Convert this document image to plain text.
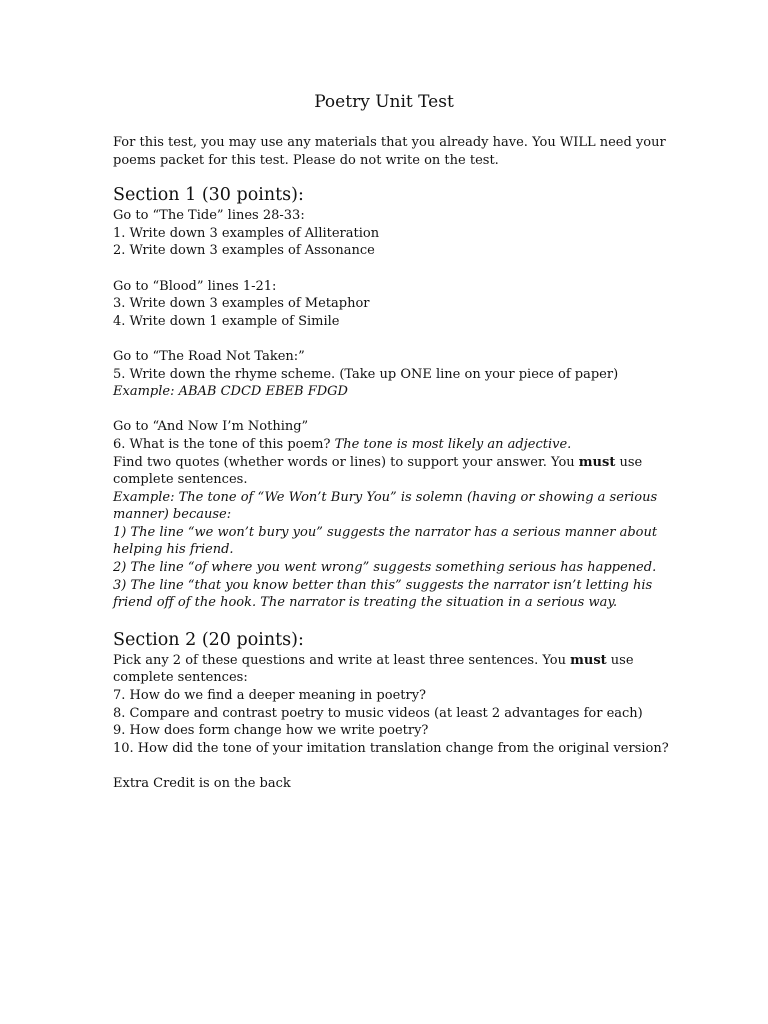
Poetry Unit Test

For this test, you may use any materials that you already have. You WILL need your

poems packet for this test. Please do not write on the test.

Section 1 (30 points):

Go to “The Tide” lines 28-33:

1. Write down 3 examples of Alliteration

2. Write down 3 examples of Assonance

Go to “Blood” lines 1-21:

3. Write down 3 examples of Metaphor

4. Write down 1 example of Simile

Go to “The Road Not Taken:”

5. Write down the rhyme scheme. (Take up ONE line on your piece of paper)

Example: ABAB CDCD EBEB FDGD

Go to “And Now I’m Nothing”

6. What is the tone of this poem? The tone is most likely an adjective.

Find two quotes (whether words or lines) to support your answer. You must use

complete sentences.

Example: The tone of “We Won’t Bury You” is solemn (having or showing a serious

manner) because:

1) The line “we won’t bury you” suggests the narrator has a serious manner about

helping his friend.

2) The line “of where you went wrong” suggests something serious has happened.

3) The line “that you know better than this” suggests the narrator isn’t letting his

friend off of the hook. The narrator is treating the situation in a serious way.

Section 2 (20 points):

Pick any 2 of these questions and write at least three sentences. You must use

complete sentences:

7. How do we find a deeper meaning in poetry?

8. Compare and contrast poetry to music videos (at least 2 advantages for each)

9. How does form change how we write poetry?

10. How did the tone of your imitation translation change from the original version?

Extra Credit is on the back
